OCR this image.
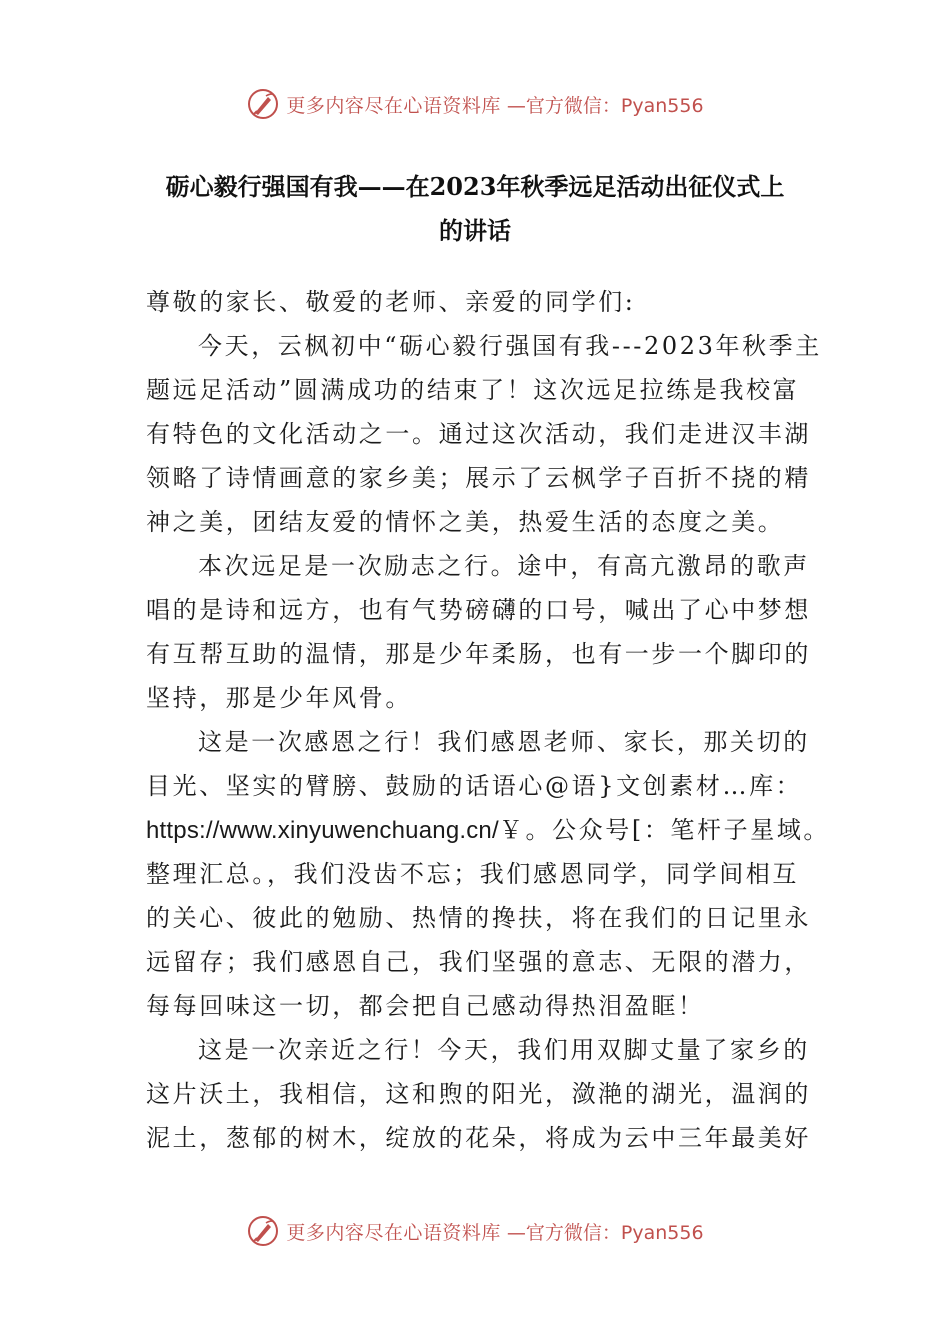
更多内容尽在心语资料库 —官方微信：Pyan556
砺心毅行强国有我——在2023年秋季远足活动出征仪式上
的讲话
尊敬的家长、敬爱的老师、亲爱的同学们:
今天，云枫初中“砺心毅行强国有我---2023年秋季主
题远足活动”圆满成功的结束了！这次远足拉练是我校富
有特色的文化活动之一。通过这次活动，我们走进汉丰湖
领略了诗情画意的家乡美；展示了云枫学子百折不挠的精
神之美，团结友爱的情怀之美，热爱生活的态度之美。
本次远足是一次励志之行。途中，有高亢激昂的歌声
唱的是诗和远方，也有气势磅礴的口号，喊出了心中梦想
有互帮互助的温情，那是少年柔肠，也有一步一个脚印的
坚持，那是少年风骨。
这是一次感恩之行！我们感恩老师、家长，那关切的
目光、坚实的臂膀、鼓励的话语心@语}文创素材…库：
https://www.xinyuwenchuang.cn/￥。公众号[：笔杆子星域。
整理汇总。，我们没齿不忘；我们感恩同学，同学间相互
的关心、彼此的勉励、热情的搀扶，将在我们的日记里永
远留存；我们感恩自己，我们坚强的意志、无限的潜力，
每每回味这一切，都会把自己感动得热泪盈眶！
这是一次亲近之行！今天，我们用双脚丈量了家乡的
这片沃土，我相信，这和煦的阳光，潋滟的湖光，温润的
泥土，葱郁的树木，绽放的花朵，将成为云中三年最美好
更多内容尽在心语资料库 —官方微信：Pyan556
